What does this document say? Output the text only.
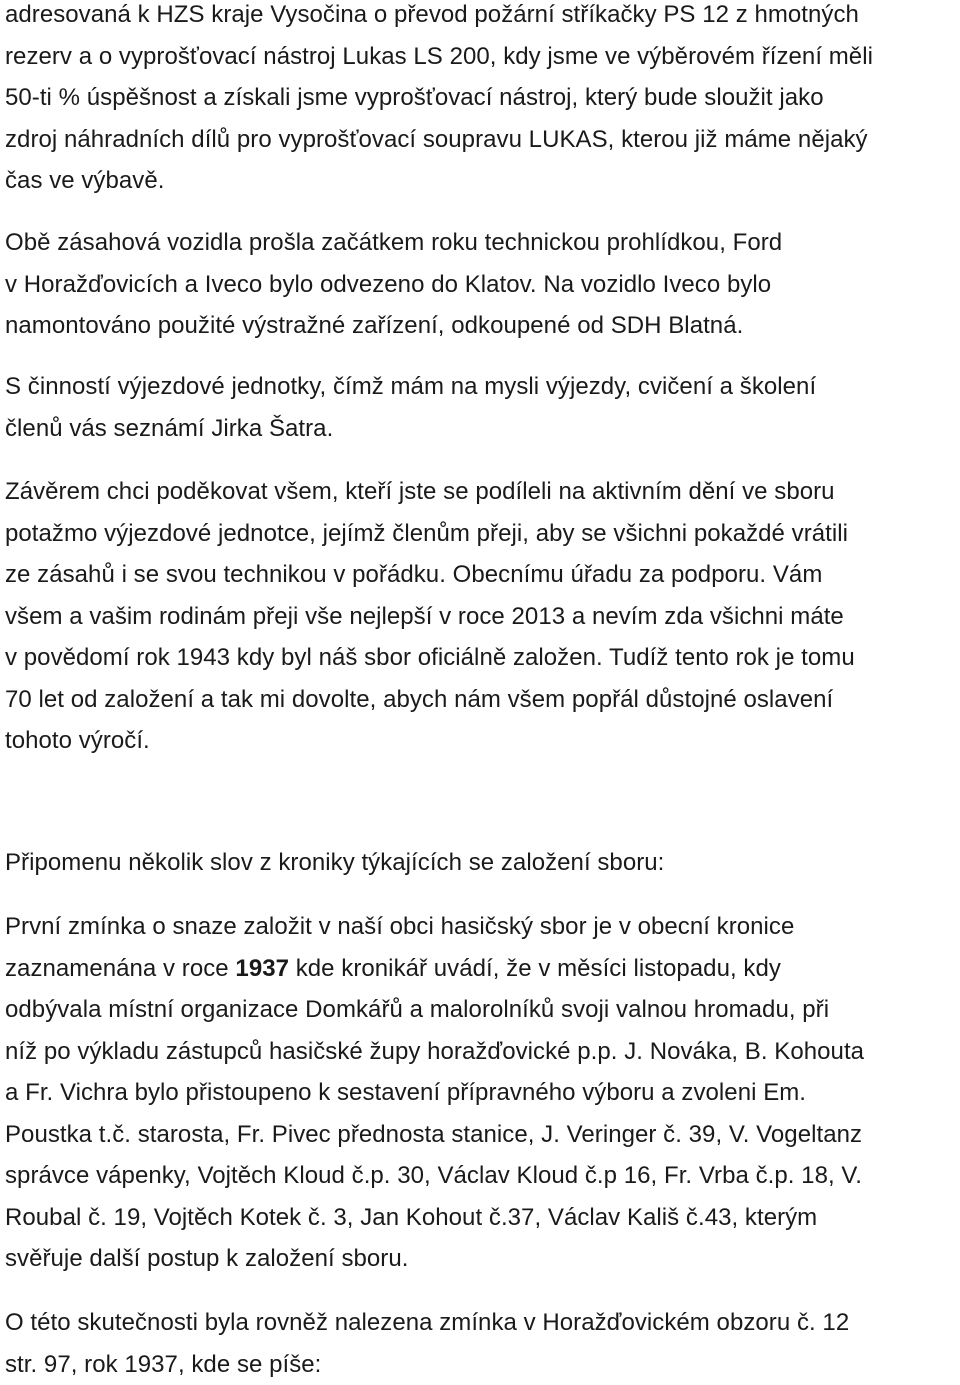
adresovaná k HZS kraje Vysočina o převod požární stříkačky PS 12 z hmotných
rezerv a o vyprošťovací nástroj Lukas LS 200, kdy jsme ve výběrovém řízení měli
50-ti % úspěšnost a získali jsme vyprošťovací nástroj, který bude sloužit jako
zdroj náhradních dílů pro vyprošťovací soupravu LUKAS, kterou již máme nějaký
čas ve výbavě.

Obě zásahová vozidla prošla začátkem roku technickou prohlídkou, Ford
v Horažďovicích a Iveco bylo odvezeno do Klatov. Na vozidlo Iveco bylo
namontováno použité výstražné zařízení, odkoupené od SDH Blatná.

S činností výjezdové jednotky, čímž mám na mysli výjezdy, cvičení a školení
členů vás seznámí Jirka Šatra.

Závěrem chci poděkovat všem, kteří jste se podíleli na aktivním dění ve sboru
potažmo výjezdové jednotce, jejímž členům přeji, aby se všichni pokaždé vrátili
ze zásahů i se svou technikou v pořádku. Obecnímu úřadu za podporu. Vám
všem a vašim rodinám přeji vše nejlepší v roce 2013 a nevím zda všichni máte
v povědomí rok 1943 kdy byl náš sbor oficiálně založen. Tudíž tento rok je tomu
70 let od založení a tak mi dovolte, abych nám všem popřál důstojné oslavení
tohoto výročí.

Připomenu několik slov z kroniky týkajících se založení sboru:

První zmínka o snaze založit v naší obci hasičský sbor je v obecní kronice
zaznamenána v roce 1937 kde kronikář uvádí, že v měsíci listopadu, kdy
odbývala místní organizace Domkářů a malorolníků svoji valnou hromadu, při
níž po výkladu zástupců hasičské župy horažďovické p.p. J. Nováka, B. Kohouta
a Fr. Vichra bylo přistoupeno k sestavení přípravného výboru a zvoleni Em.
Poustka t.č. starosta, Fr. Pivec přednosta stanice, J. Veringer č. 39, V. Vogeltanz
správce vápenky, Vojtěch Kloud č.p. 30, Václav Kloud č.p 16, Fr. Vrba č.p. 18, V.
Roubal č. 19, Vojtěch Kotek č. 3, Jan Kohout č.37, Václav Kališ č.43, kterým
svěřuje další postup k založení sboru.

O této skutečnosti byla rovněž nalezena zmínka v Horažďovickém obzoru č. 12
str. 97, rok 1937, kde se píše:
